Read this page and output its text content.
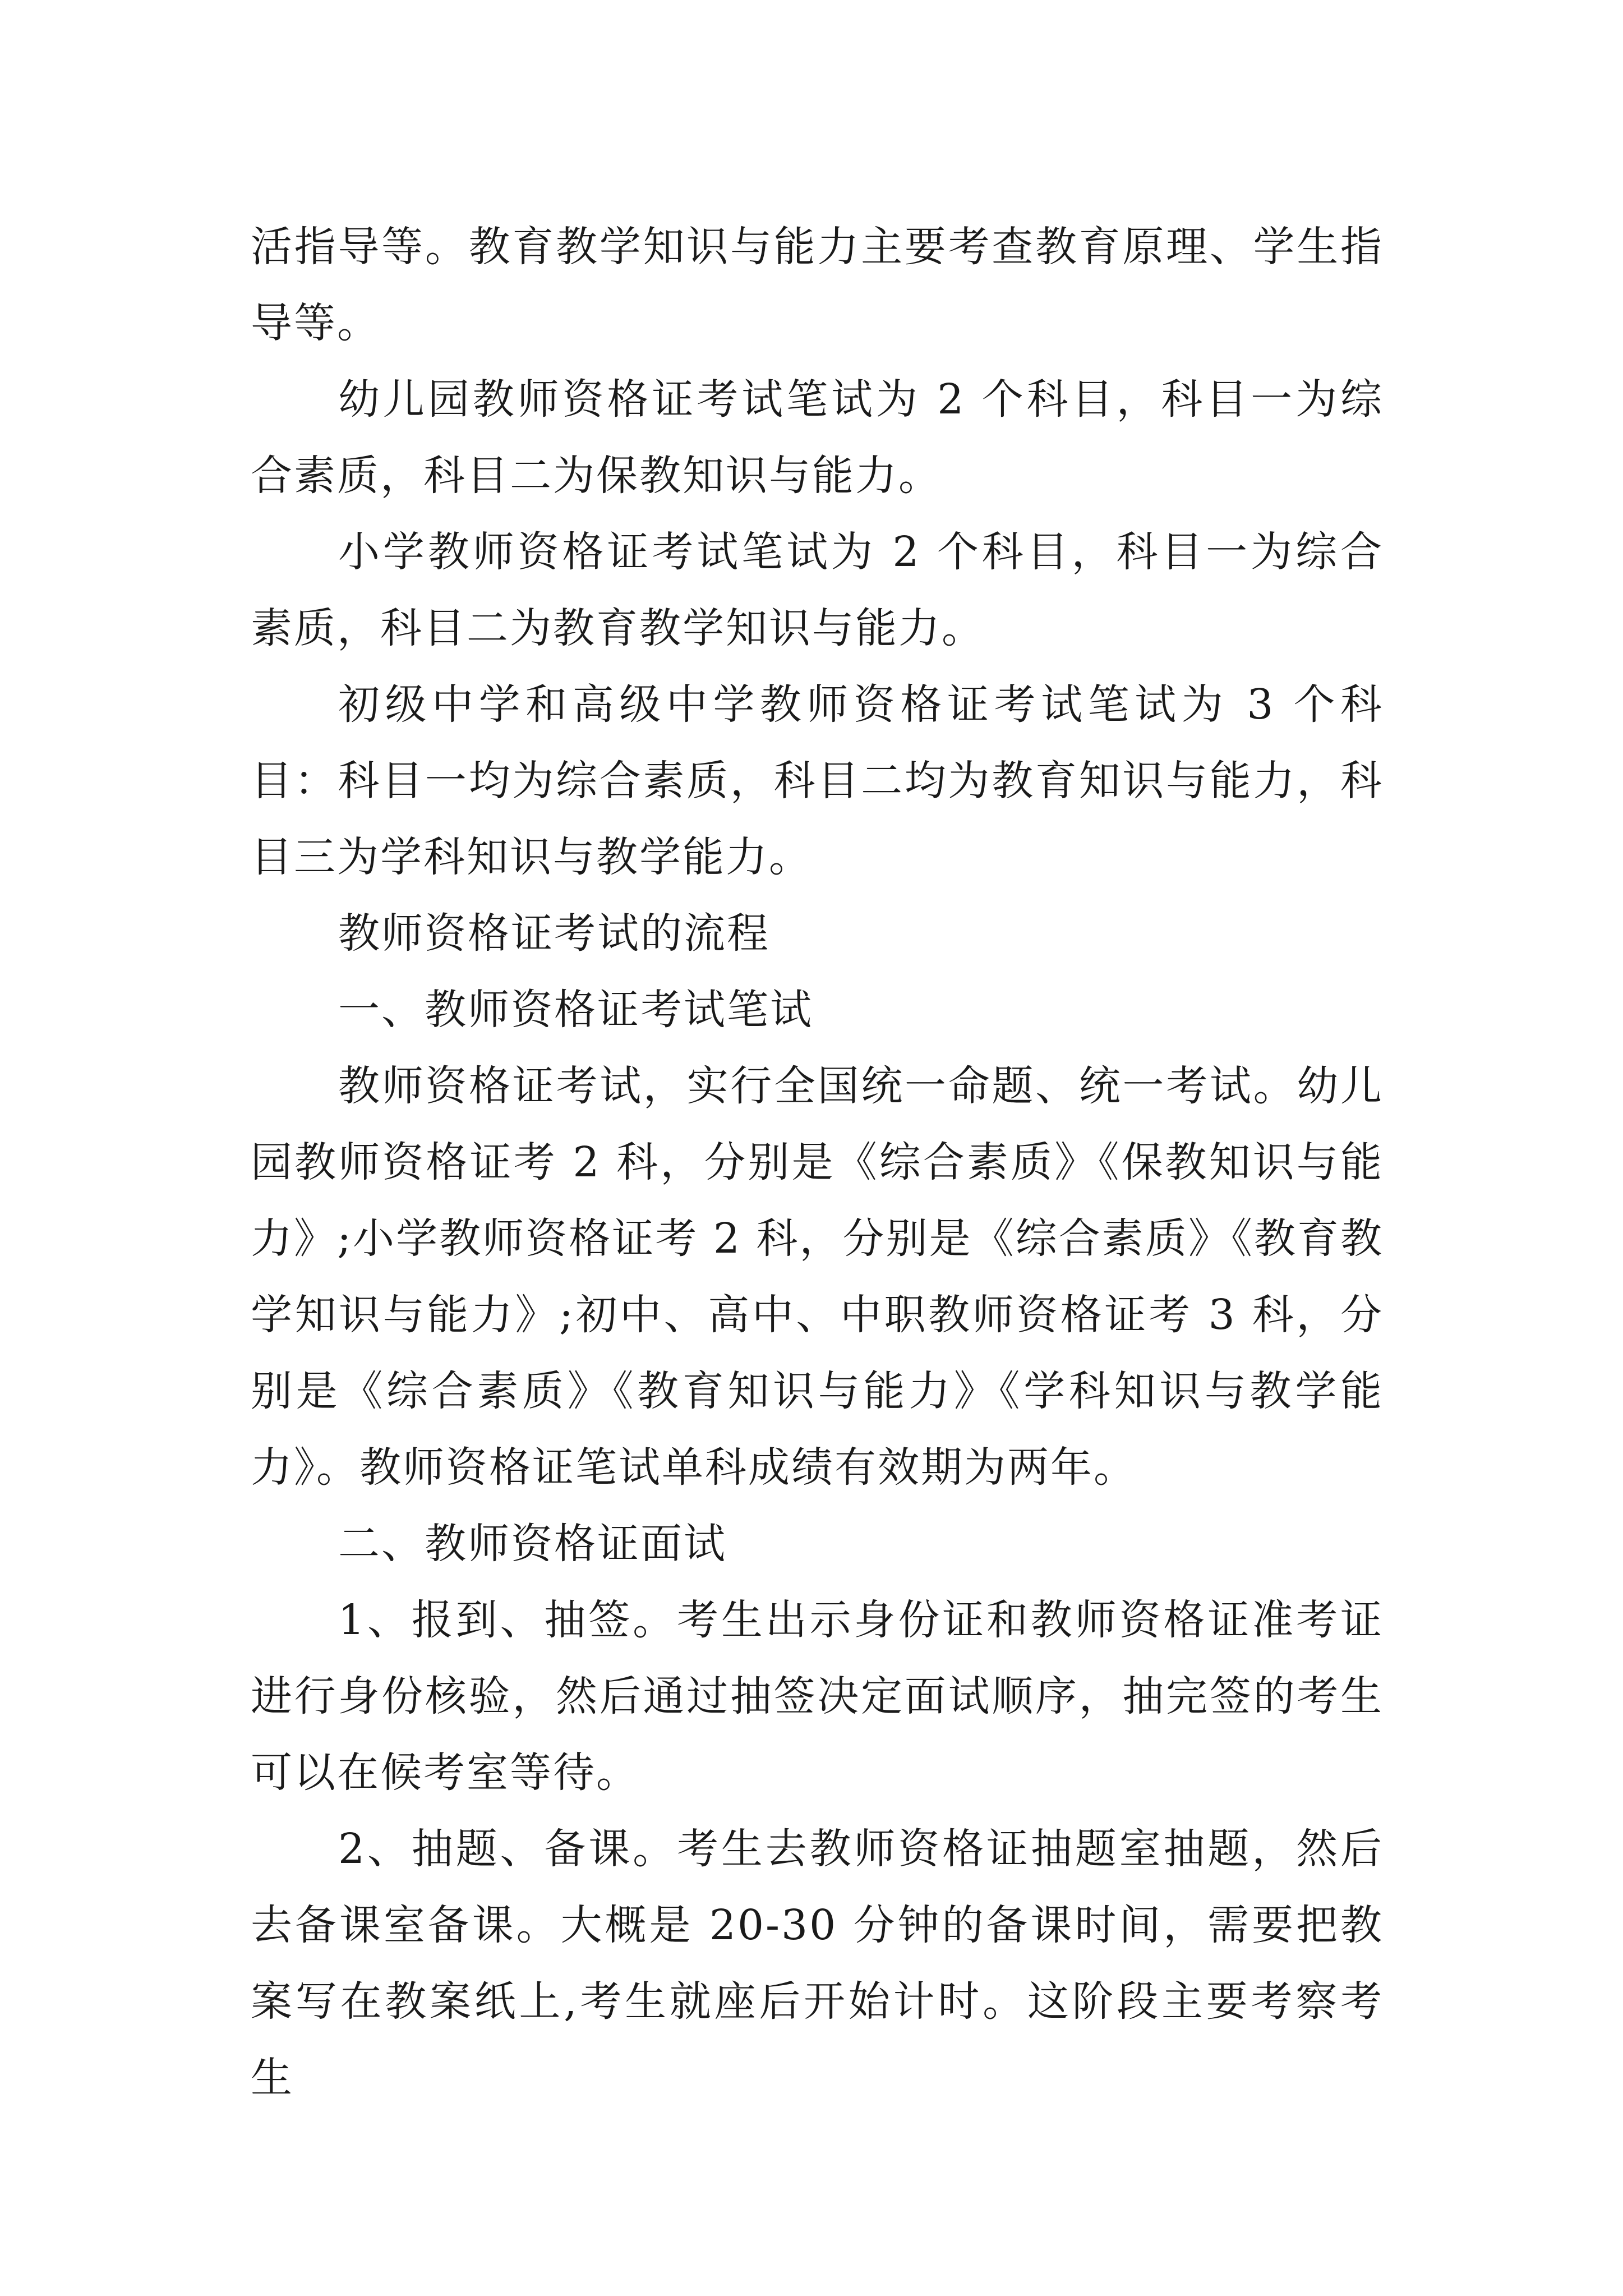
活指导等。教育教学知识与能力主要考查教育原理、学生指导等。

幼儿园教师资格证考试笔试为 2 个科目，科目一为综合素质，科目二为保教知识与能力。

小学教师资格证考试笔试为 2 个科目，科目一为综合素质，科目二为教育教学知识与能力。

初级中学和高级中学教师资格证考试笔试为 3 个科目：科目一均为综合素质，科目二均为教育知识与能力，科目三为学科知识与教学能力。

教师资格证考试的流程

一、教师资格证考试笔试

教师资格证考试，实行全国统一命题、统一考试。幼儿园教师资格证考 2 科，分别是《综合素质》《保教知识与能力》;小学教师资格证考 2 科，分别是《综合素质》《教育教学知识与能力》;初中、高中、中职教师资格证考 3 科，分别是《综合素质》《教育知识与能力》《学科知识与教学能力》。教师资格证笔试单科成绩有效期为两年。

二、教师资格证面试

1、报到、抽签。考生出示身份证和教师资格证准考证进行身份核验，然后通过抽签决定面试顺序，抽完签的考生可以在候考室等待。

2、抽题、备课。考生去教师资格证抽题室抽题，然后去备课室备课。大概是 20-30 分钟的备课时间，需要把教案写在教案纸上,考生就座后开始计时。这阶段主要考察考生
